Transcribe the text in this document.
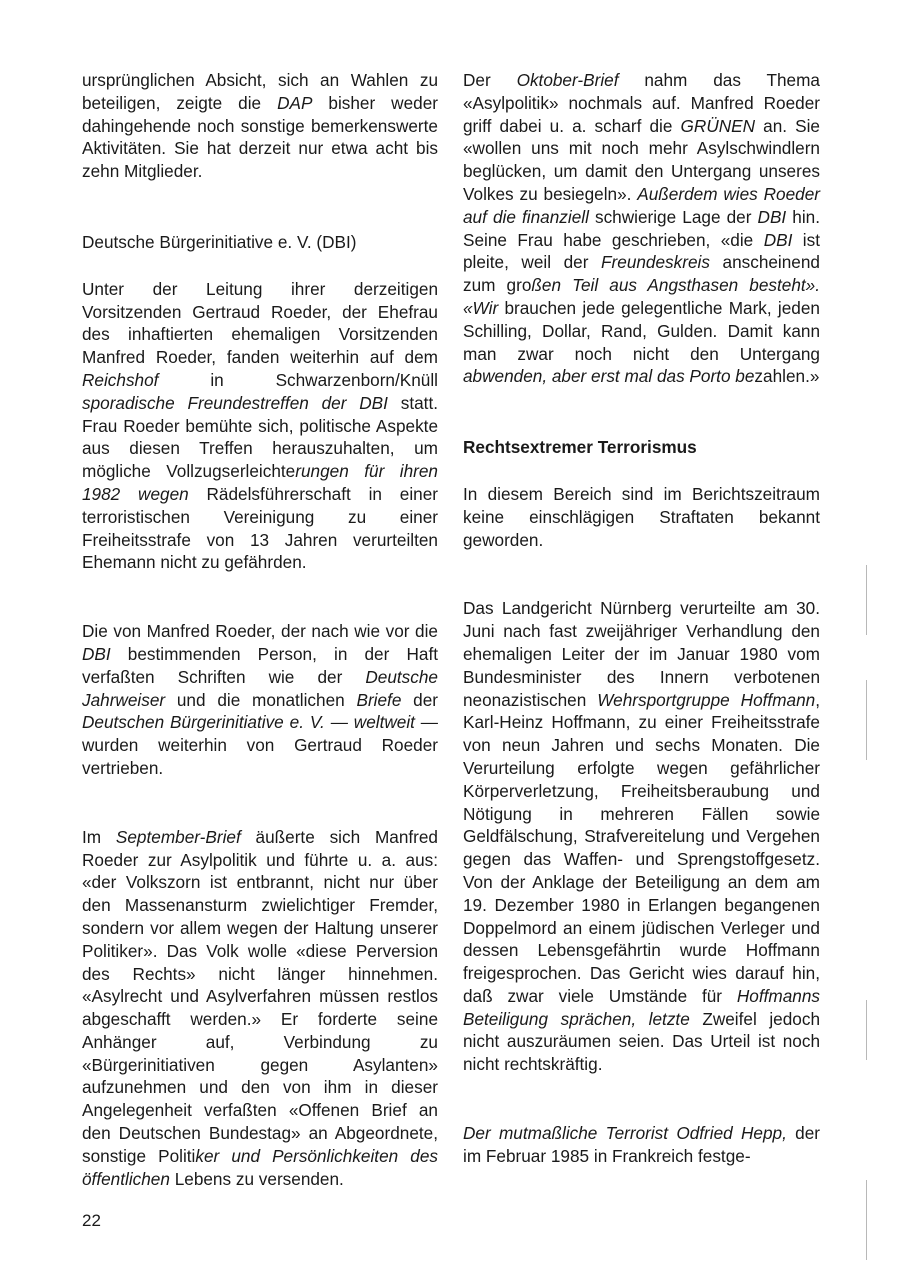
ursprünglichen Absicht, sich an Wahlen zu beteiligen, zeigte die DAP bisher weder dahingehende noch sonstige bemerkenswerte Aktivitäten. Sie hat derzeit nur etwa acht bis zehn Mitglieder.

Deutsche Bürgerinitiative e. V. (DBI)

Unter der Leitung ihrer derzeitigen Vorsitzenden Gertraud Roeder, der Ehefrau des inhaftierten ehemaligen Vorsitzenden Manfred Roeder, fanden weiterhin auf dem Reichshof in Schwarzenborn/Knüll sporadische Freundestreffen der DBI statt. Frau Roeder bemühte sich, politische Aspekte aus diesen Treffen herauszuhalten, um mögliche Vollzugserleichterungen für ihren 1982 wegen Rädelsführerschaft in einer terroristischen Vereinigung zu einer Freiheitsstrafe von 13 Jahren verurteilten Ehemann nicht zu gefährden.

Die von Manfred Roeder, der nach wie vor die DBI bestimmenden Person, in der Haft verfaßten Schriften wie der Deutsche Jahrweiser und die monatlichen Briefe der Deutschen Bürgerinitiative e. V. — weltweit — wurden weiterhin von Gertraud Roeder vertrieben.

Im September-Brief äußerte sich Manfred Roeder zur Asylpolitik und führte u. a. aus: «der Volkszorn ist entbrannt, nicht nur über den Massenansturm zwielichtiger Fremder, sondern vor allem wegen der Haltung unserer Politiker». Das Volk wolle «diese Perversion des Rechts» nicht länger hinnehmen. «Asylrecht und Asylverfahren müssen restlos abgeschafft werden.» Er forderte seine Anhänger auf, Verbindung zu «Bürgerinitiativen gegen Asylanten» aufzunehmen und den von ihm in dieser Angelegenheit verfaßten «Offenen Brief an den Deutschen Bundestag» an Abgeordnete, sonstige Politiker und Persönlichkeiten des öffentlichen Lebens zu versenden.

Der Oktober-Brief nahm das Thema «Asylpolitik» nochmals auf. Manfred Roeder griff dabei u. a. scharf die GRÜNEN an. Sie «wollen uns mit noch mehr Asylschwindlern beglücken, um damit den Untergang unseres Volkes zu besiegeln». Außerdem wies Roeder auf die finanziell schwierige Lage der DBI hin. Seine Frau habe geschrieben, «die DBI ist pleite, weil der Freundeskreis anscheinend zum großen Teil aus Angsthasen besteht». «Wir brauchen jede gelegentliche Mark, jeden Schilling, Dollar, Rand, Gulden. Damit kann man zwar noch nicht den Untergang abwenden, aber erst mal das Porto bezahlen.»

Rechtsextremer Terrorismus

In diesem Bereich sind im Berichtszeitraum keine einschlägigen Straftaten bekannt geworden.

Das Landgericht Nürnberg verurteilte am 30. Juni nach fast zweijähriger Verhandlung den ehemaligen Leiter der im Januar 1980 vom Bundesminister des Innern verbotenen neonazistischen Wehrsportgruppe Hoffmann, Karl-Heinz Hoffmann, zu einer Freiheitsstrafe von neun Jahren und sechs Monaten. Die Verurteilung erfolgte wegen gefährlicher Körperverletzung, Freiheitsberaubung und Nötigung in mehreren Fällen sowie Geldfälschung, Strafvereitelung und Vergehen gegen das Waffen- und Sprengstoffgesetz. Von der Anklage der Beteiligung an dem am 19. Dezember 1980 in Erlangen begangenen Doppelmord an einem jüdischen Verleger und dessen Lebensgefährtin wurde Hoffmann freigesprochen. Das Gericht wies darauf hin, daß zwar viele Umstände für Hoffmanns Beteiligung sprächen, letzte Zweifel jedoch nicht auszuräumen seien. Das Urteil ist noch nicht rechtskräftig.

Der mutmaßliche Terrorist Odfried Hepp, der im Februar 1985 in Frankreich festge-

22
